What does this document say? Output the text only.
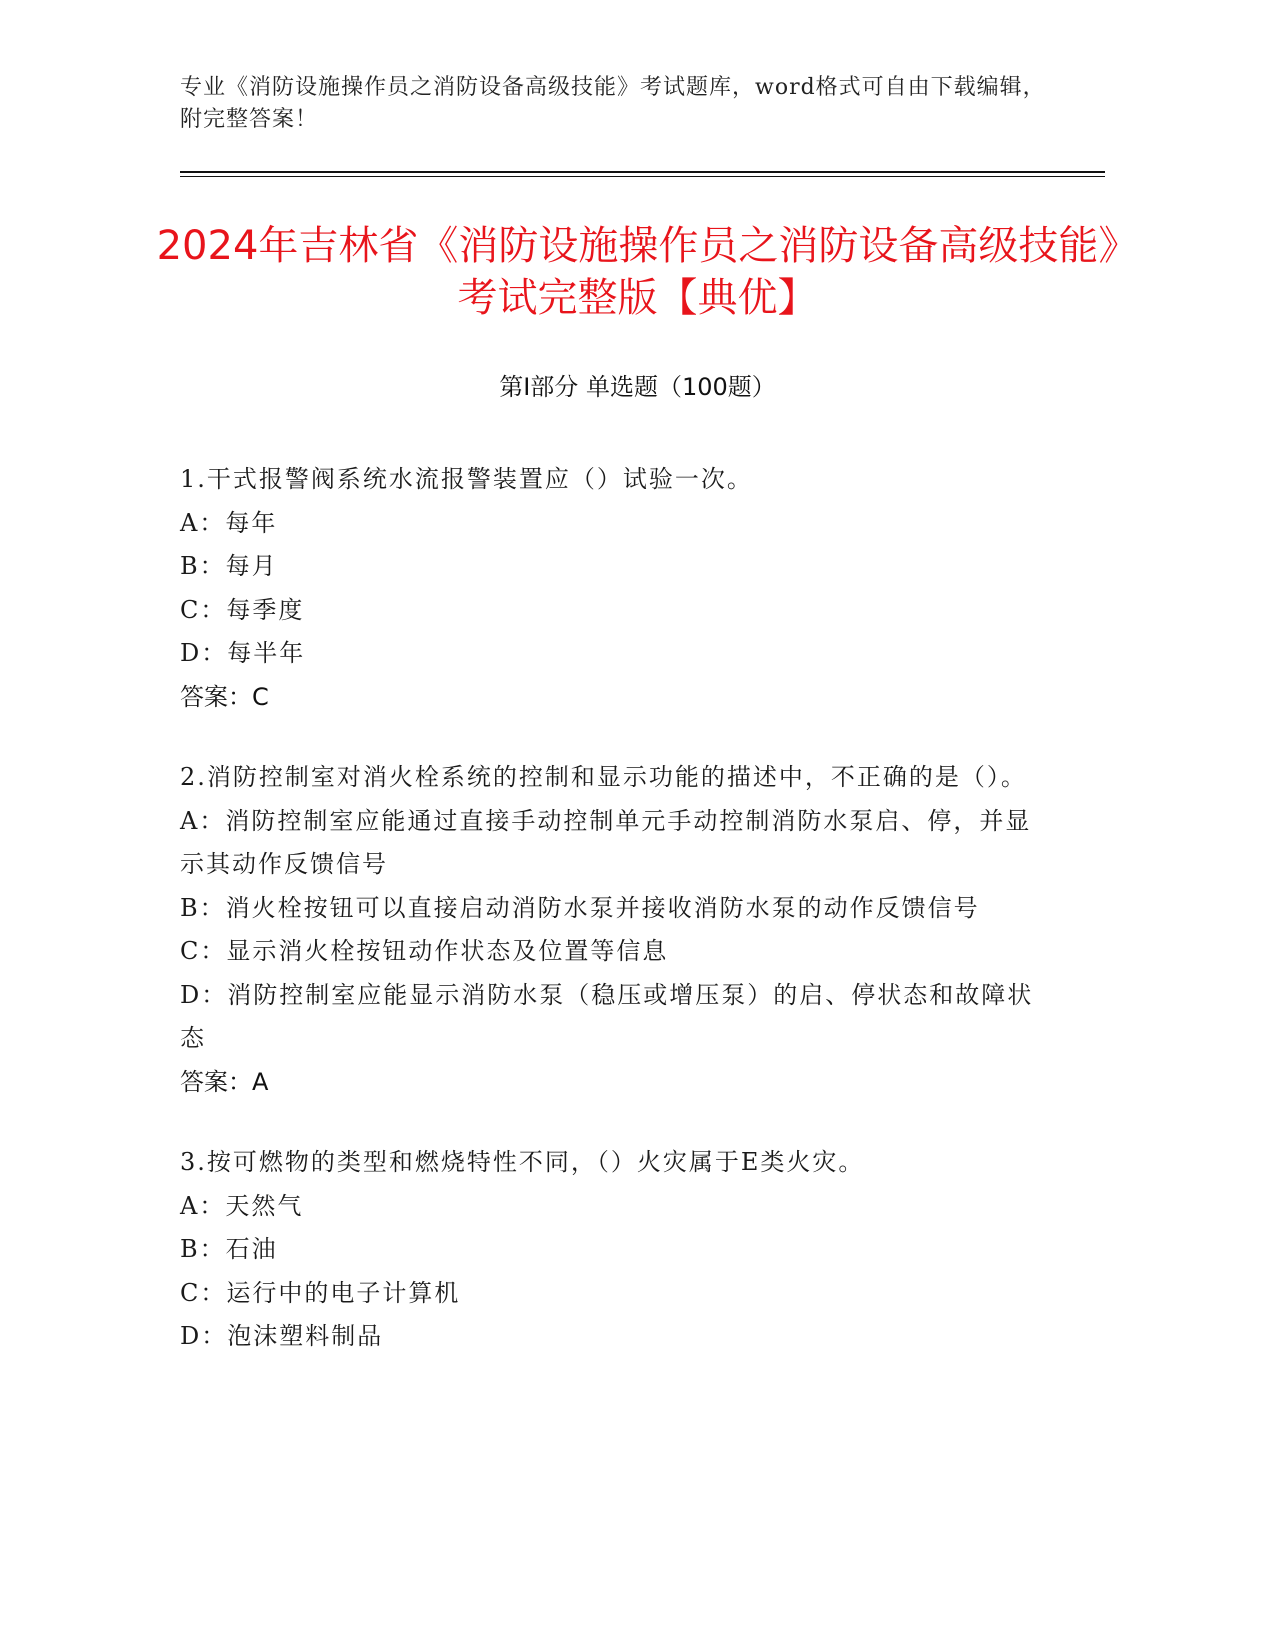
专业《消防设施操作员之消防设备高级技能》考试题库，word格式可自由下载编辑，附完整答案！
2024年吉林省《消防设施操作员之消防设备高级技能》考试完整版【典优】
第I部分 单选题（100题）
1.干式报警阀系统水流报警装置应（）试验一次。
A：每年
B：每月
C：每季度
D：每半年
答案：C
2.消防控制室对消火栓系统的控制和显示功能的描述中，不正确的是（）。
A：消防控制室应能通过直接手动控制单元手动控制消防水泵启、停，并显示其动作反馈信号
B：消火栓按钮可以直接启动消防水泵并接收消防水泵的动作反馈信号
C：显示消火栓按钮动作状态及位置等信息
D：消防控制室应能显示消防水泵（稳压或增压泵）的启、停状态和故障状态
答案：A
3.按可燃物的类型和燃烧特性不同，（）火灾属于E类火灾。
A：天然气
B：石油
C：运行中的电子计算机
D：泡沫塑料制品
